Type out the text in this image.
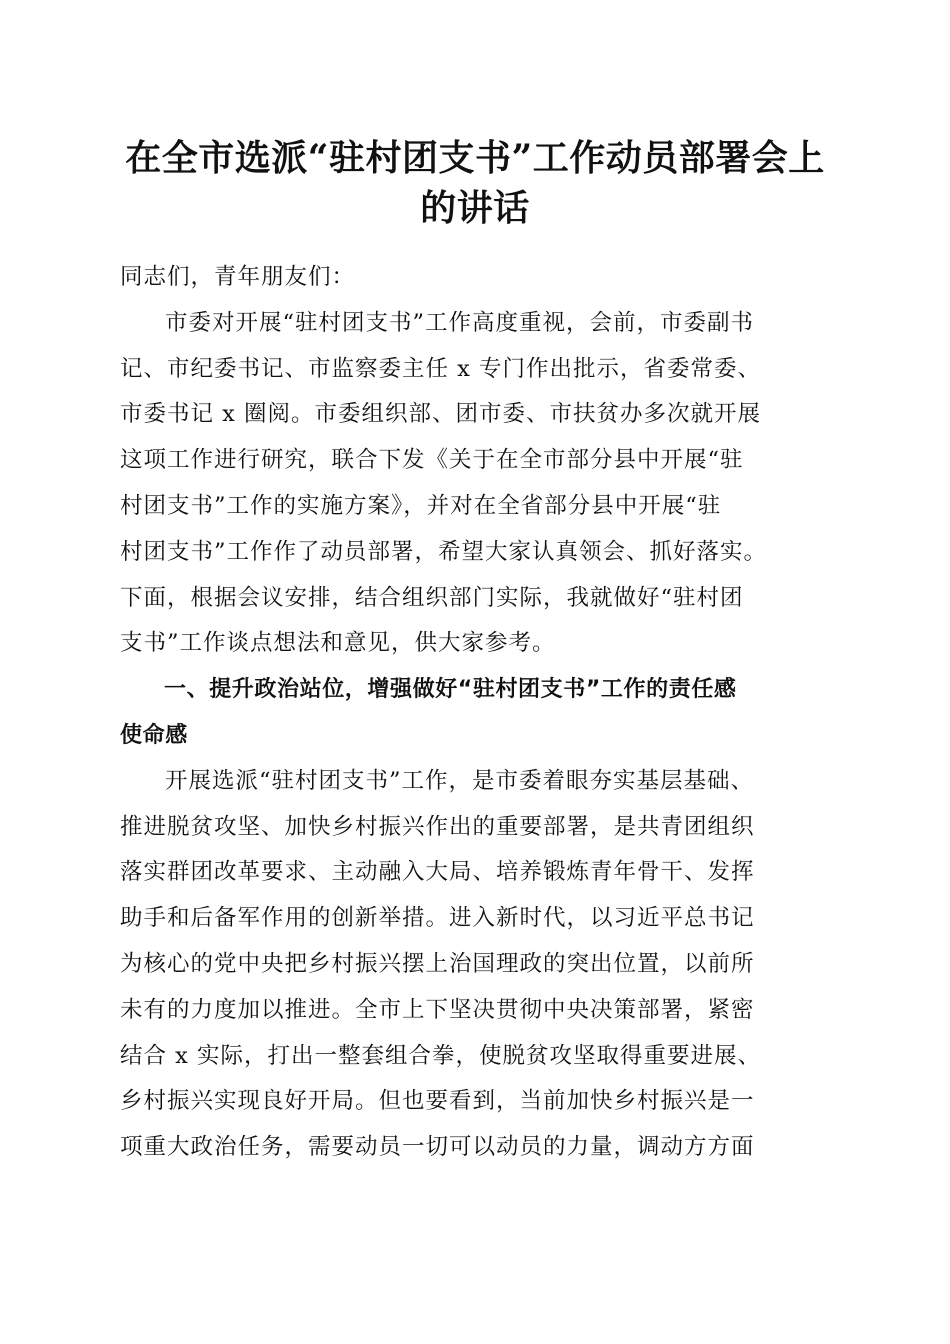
在全市选派“驻村团支书”工作动员部署会上
的讲话

同志们，青年朋友们：

市委对开展“驻村团支书”工作高度重视，会前，市委副书
记、市纪委书记、市监察委主任 x 专门作出批示，省委常委、
市委书记 x 圈阅。市委组织部、团市委、市扶贫办多次就开展
这项工作进行研究，联合下发《关于在全市部分县中开展“驻
村团支书”工作的实施方案》，并对在全省部分县中开展“驻
村团支书”工作作了动员部署，希望大家认真领会、抓好落实。
下面，根据会议安排，结合组织部门实际，我就做好“驻村团
支书”工作谈点想法和意见，供大家参考。

一、提升政治站位，增强做好“驻村团支书”工作的责任感
使命感

开展选派“驻村团支书”工作，是市委着眼夯实基层基础、
推进脱贫攻坚、加快乡村振兴作出的重要部署，是共青团组织
落实群团改革要求、主动融入大局、培养锻炼青年骨干、发挥
助手和后备军作用的创新举措。进入新时代，以习近平总书记
为核心的党中央把乡村振兴摆上治国理政的突出位置，以前所
未有的力度加以推进。全市上下坚决贯彻中央决策部署，紧密
结合 x 实际，打出一整套组合拳，使脱贫攻坚取得重要进展、
乡村振兴实现良好开局。但也要看到，当前加快乡村振兴是一
项重大政治任务，需要动员一切可以动员的力量，调动方方面
